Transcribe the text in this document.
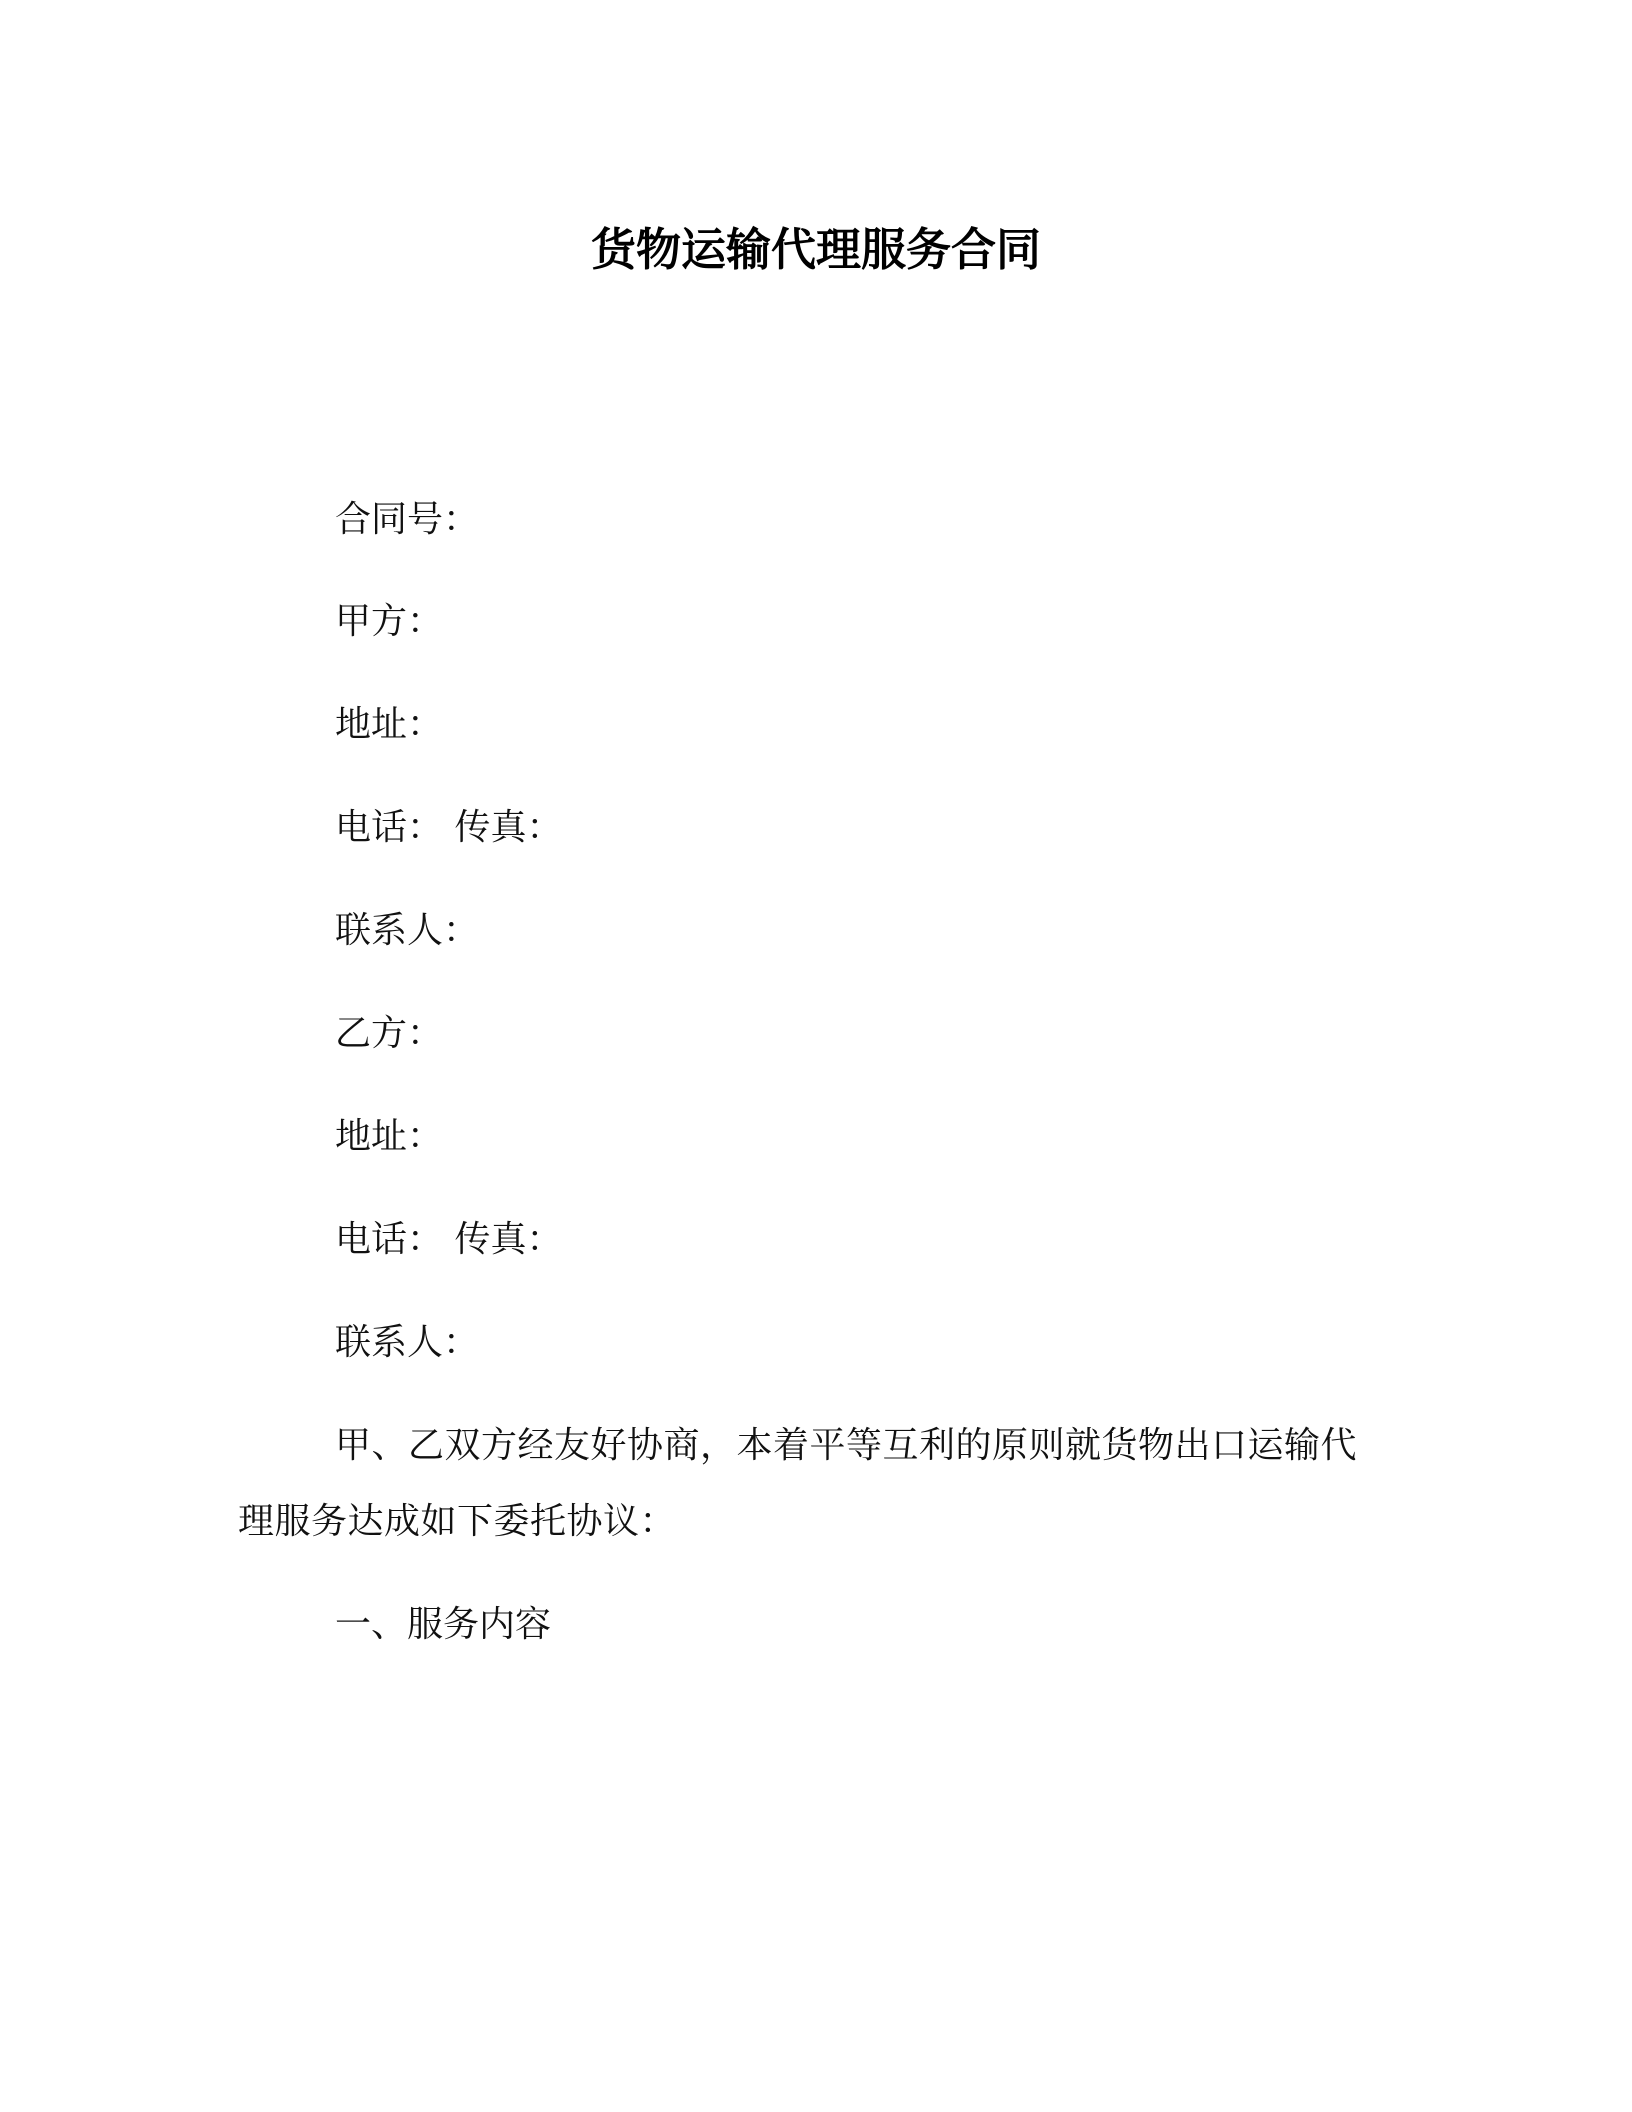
货物运输代理服务合同
合同号：
甲方：
地址：
电话： 传真：
联系人：
乙方：
地址：
电话： 传真：
联系人：
甲、乙双方经友好协商，本着平等互利的原则就货物出口运输代理服务达成如下委托协议：
一、服务内容
